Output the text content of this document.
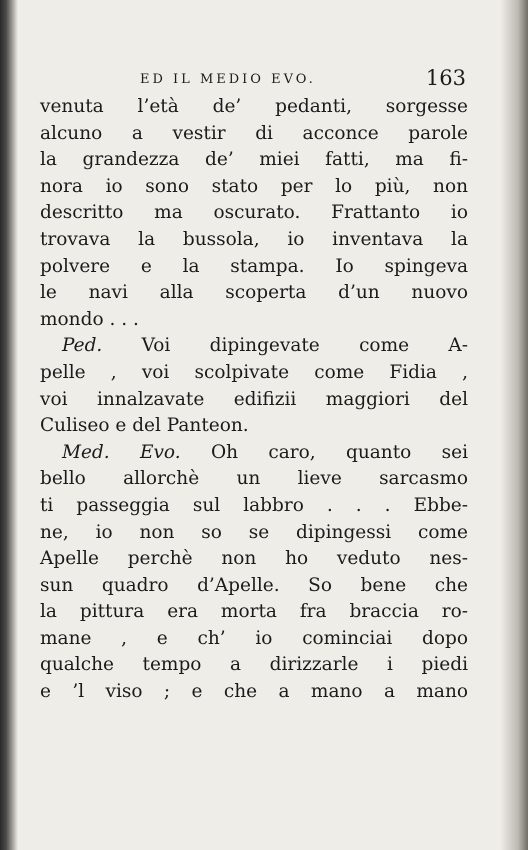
ED IL MEDIO EVO.	163
venuta l’età de’ pedanti, sorgesse
alcuno a vestir di acconce parole
la grandezza de’ miei fatti, ma fi-
nora io sono stato per lo più, non
descritto ma oscurato. Frattanto io
trovava la bussola, io inventava la
polvere e la stampa. Io spingeva
le navi alla scoperta d’un nuovo
mondo . . .
Ped. Voi dipingevate come A-
pelle , voi scolpivate come Fidia ,
voi innalzavate edifizii maggiori del
Culiseo e del Panteon.
Med. Evo. Oh caro, quanto sei
bello allorchè un lieve sarcasmo
ti passeggia sul labbro . . . Ebbe-
ne, io non so se dipingessi come
Apelle perchè non ho veduto nes-
sun quadro d’Apelle. So bene che
la pittura era morta fra braccia ro-
mane , e ch’ io cominciai dopo
qualche tempo a dirizzarle i piedi
e ’l viso ; e che a mano a mano
